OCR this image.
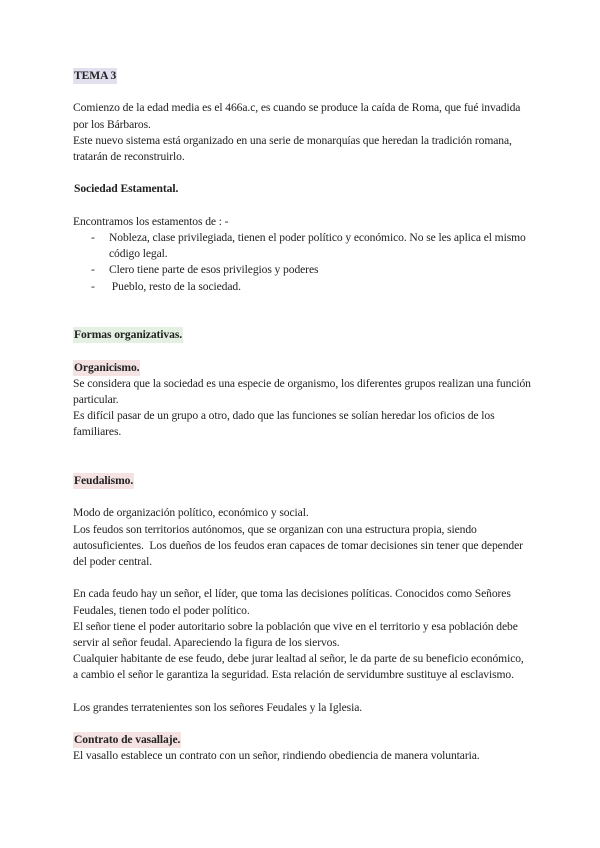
TEMA 3

Comienzo de la edad media es el 466a.c, es cuando se produce la caída de Roma, que fué invadida por los Bárbaros.

Este nuevo sistema está organizado en una serie de monarquías que heredan la tradición romana, tratarán de reconstruirlo.

Sociedad Estamental.

Encontramos los estamentos de : -

-	Nobleza, clase privilegiada, tienen el poder político y económico. No se les aplica el mismo código legal.
-	Clero tiene parte de esos privilegios y poderes
-	Pueblo, resto de la sociedad.
Formas organizativas.
Organicismo.

Se considera que la sociedad es una especie de organismo, los diferentes grupos realizan una función particular.

Es difícil pasar de un grupo a otro, dado que las funciones se solían heredar los oficios de los familiares.

Feudalismo.

Modo de organización político, económico y social.

Los feudos son territorios autónomos, que se organizan con una estructura propia, siendo autosuficientes.  Los dueños de los feudos eran capaces de tomar decisiones sin tener que depender del poder central.

En cada feudo hay un señor, el líder, que toma las decisiones políticas. Conocidos como Señores Feudales, tienen todo el poder político.

El señor tiene el poder autoritario sobre la población que vive en el territorio y esa población debe servir al señor feudal. Apareciendo la figura de los siervos.

Cualquier habitante de ese feudo, debe jurar lealtad al señor, le da parte de su beneficio económico,  a cambio el señor le garantiza la seguridad. Esta relación de servidumbre sustituye al esclavismo.

Los grandes terratenientes son los señores Feudales y la Iglesia.

Contrato de vasallaje.

El vasallo establece un contrato con un señor, rindiendo obediencia de manera voluntaria.
